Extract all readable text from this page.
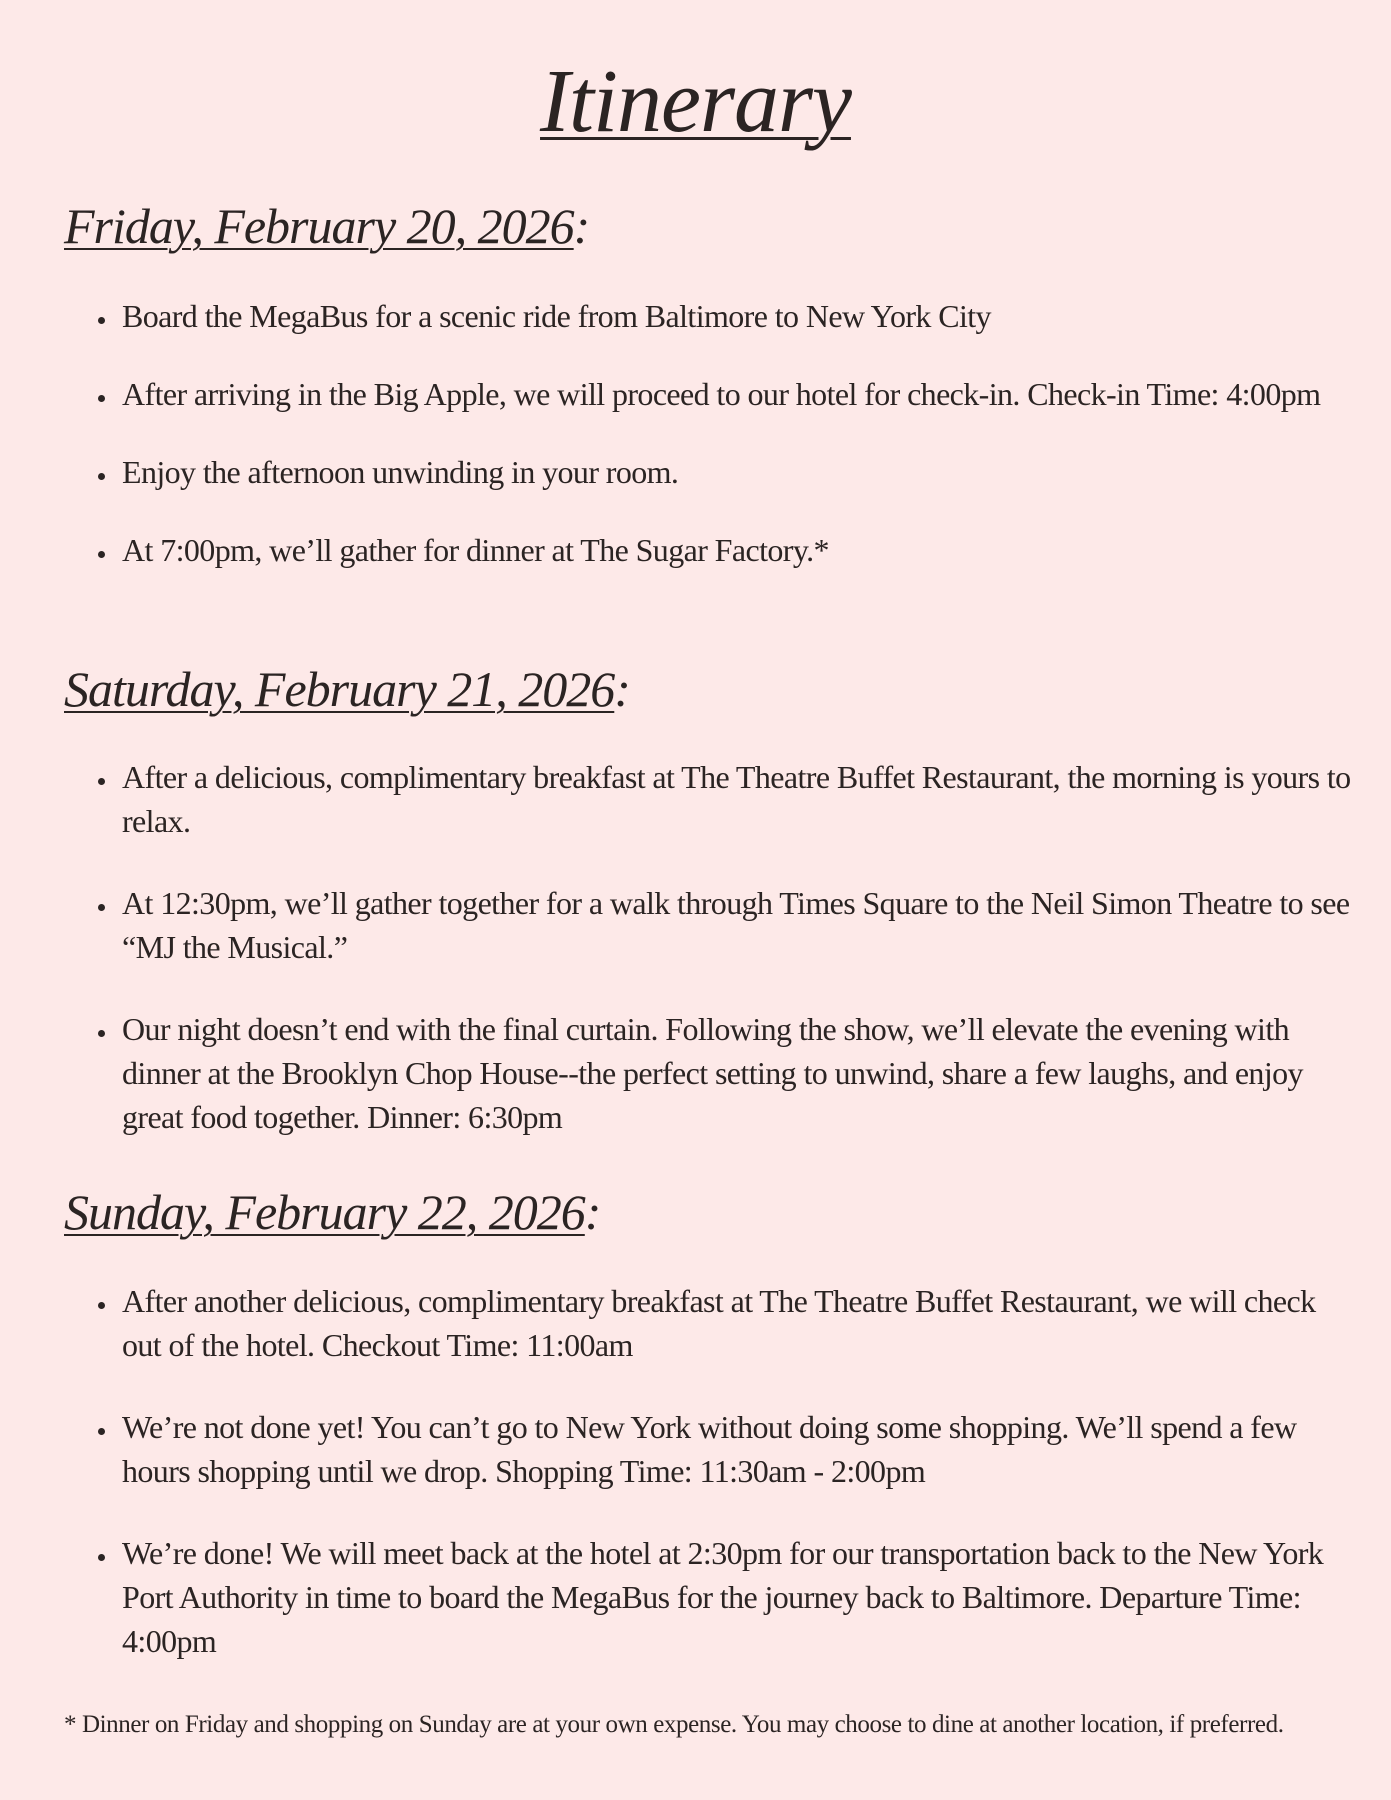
Itinerary
Friday, February 20, 2026:
• Board the MegaBus for a scenic ride from Baltimore to New York City
• After arriving in the Big Apple, we will proceed to our hotel for check-in. Check-in Time: 4:00pm
• Enjoy the afternoon unwinding in your room.
• At 7:00pm, we’ll gather for dinner at The Sugar Factory.*
Saturday, February 21, 2026:
• After a delicious, complimentary breakfast at The Theatre Buffet Restaurant, the morning is yours to relax.
• At 12:30pm, we’ll gather together for a walk through Times Square to the Neil Simon Theatre to see “MJ the Musical.”
• Our night doesn’t end with the final curtain. Following the show, we’ll elevate the evening with dinner at the Brooklyn Chop House--the perfect setting to unwind, share a few laughs, and enjoy great food together. Dinner: 6:30pm
Sunday, February 22, 2026:
• After another delicious, complimentary breakfast at The Theatre Buffet Restaurant, we will check out of the hotel. Checkout Time: 11:00am
• We’re not done yet! You can’t go to New York without doing some shopping. We’ll spend a few hours shopping until we drop. Shopping Time: 11:30am - 2:00pm
• We’re done! We will meet back at the hotel at 2:30pm for our transportation back to the New York Port Authority in time to board the MegaBus for the journey back to Baltimore. Departure Time: 4:00pm
* Dinner on Friday and shopping on Sunday are at your own expense. You may choose to dine at another location, if preferred.
